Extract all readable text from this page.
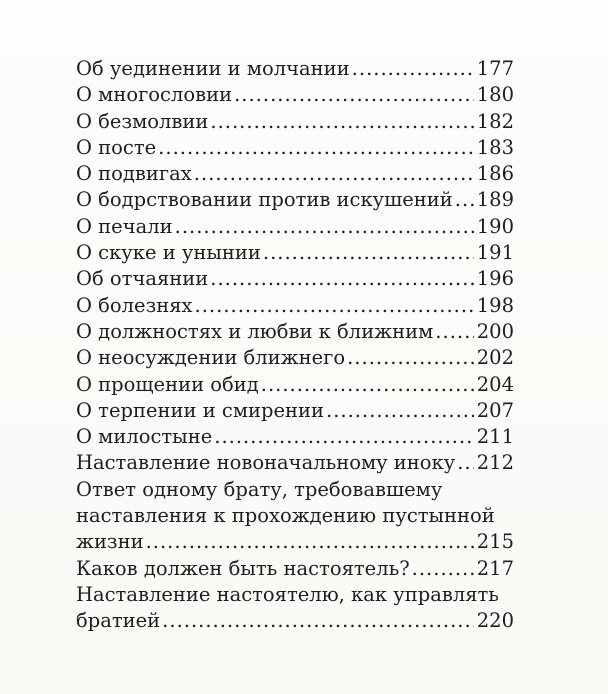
Об уединении и молчании .....	177
О многословии .....	180
О безмолвии .....	182
О посте .....	183
О подвигах .....	186
О бодрствовании против искушений ..... 189
О печали .....	190
О скуке и унынии .....	191
Об отчаянии .....	196
О болезнях .....	198
О должностях и любви к ближним ..... 200
О неосуждении ближнего .....	202
О прощении обид .....	204
О терпении и смирении .....	207
О милостыне .....	211
Наставление новоначальному иноку ..... 212
Ответ одному брату, требовавшему
наставления к прохождению пустынной
жизни .....	215
Каков должен быть настоятель? .....	217
Наставление настоятелю, как управлять
братией .....	220
